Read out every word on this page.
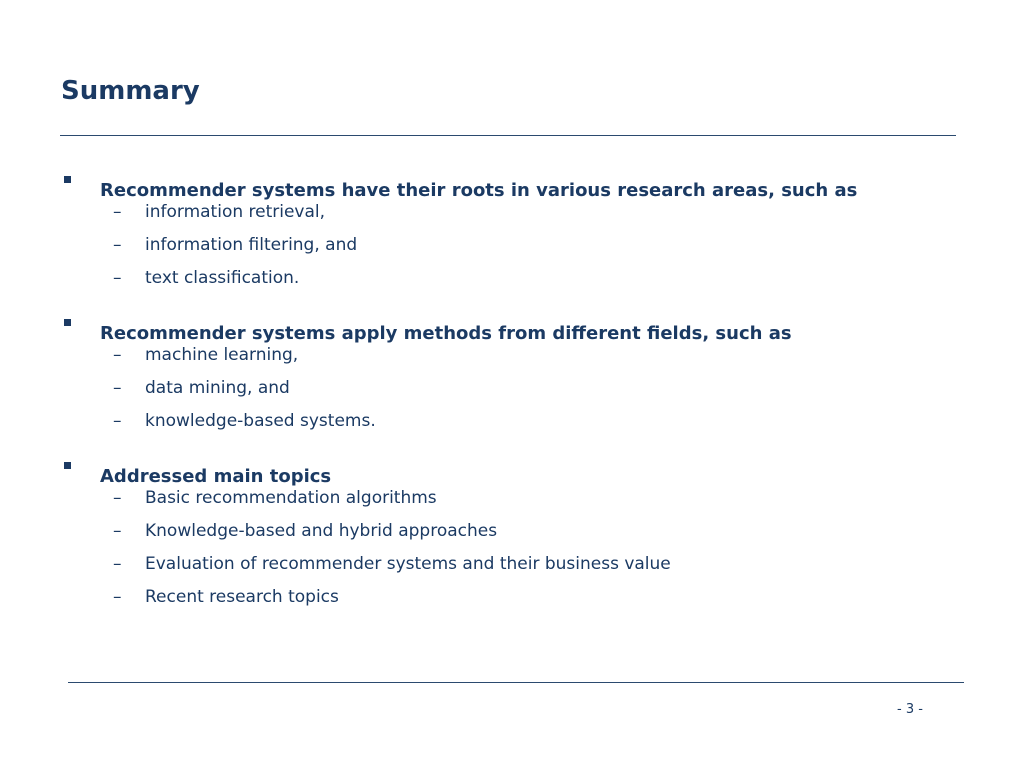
Summary
Recommender systems have their roots in various research areas, such as
–	information retrieval,
–	information filtering, and
–	text classification.
Recommender systems apply methods from different fields, such as
–	machine learning,
–	data mining, and
–	knowledge-based systems.
Addressed main topics
–	Basic recommendation algorithms
–	Knowledge-based and hybrid approaches
–	Evaluation of recommender systems and their business value
–	Recent research topics
- 3 -
